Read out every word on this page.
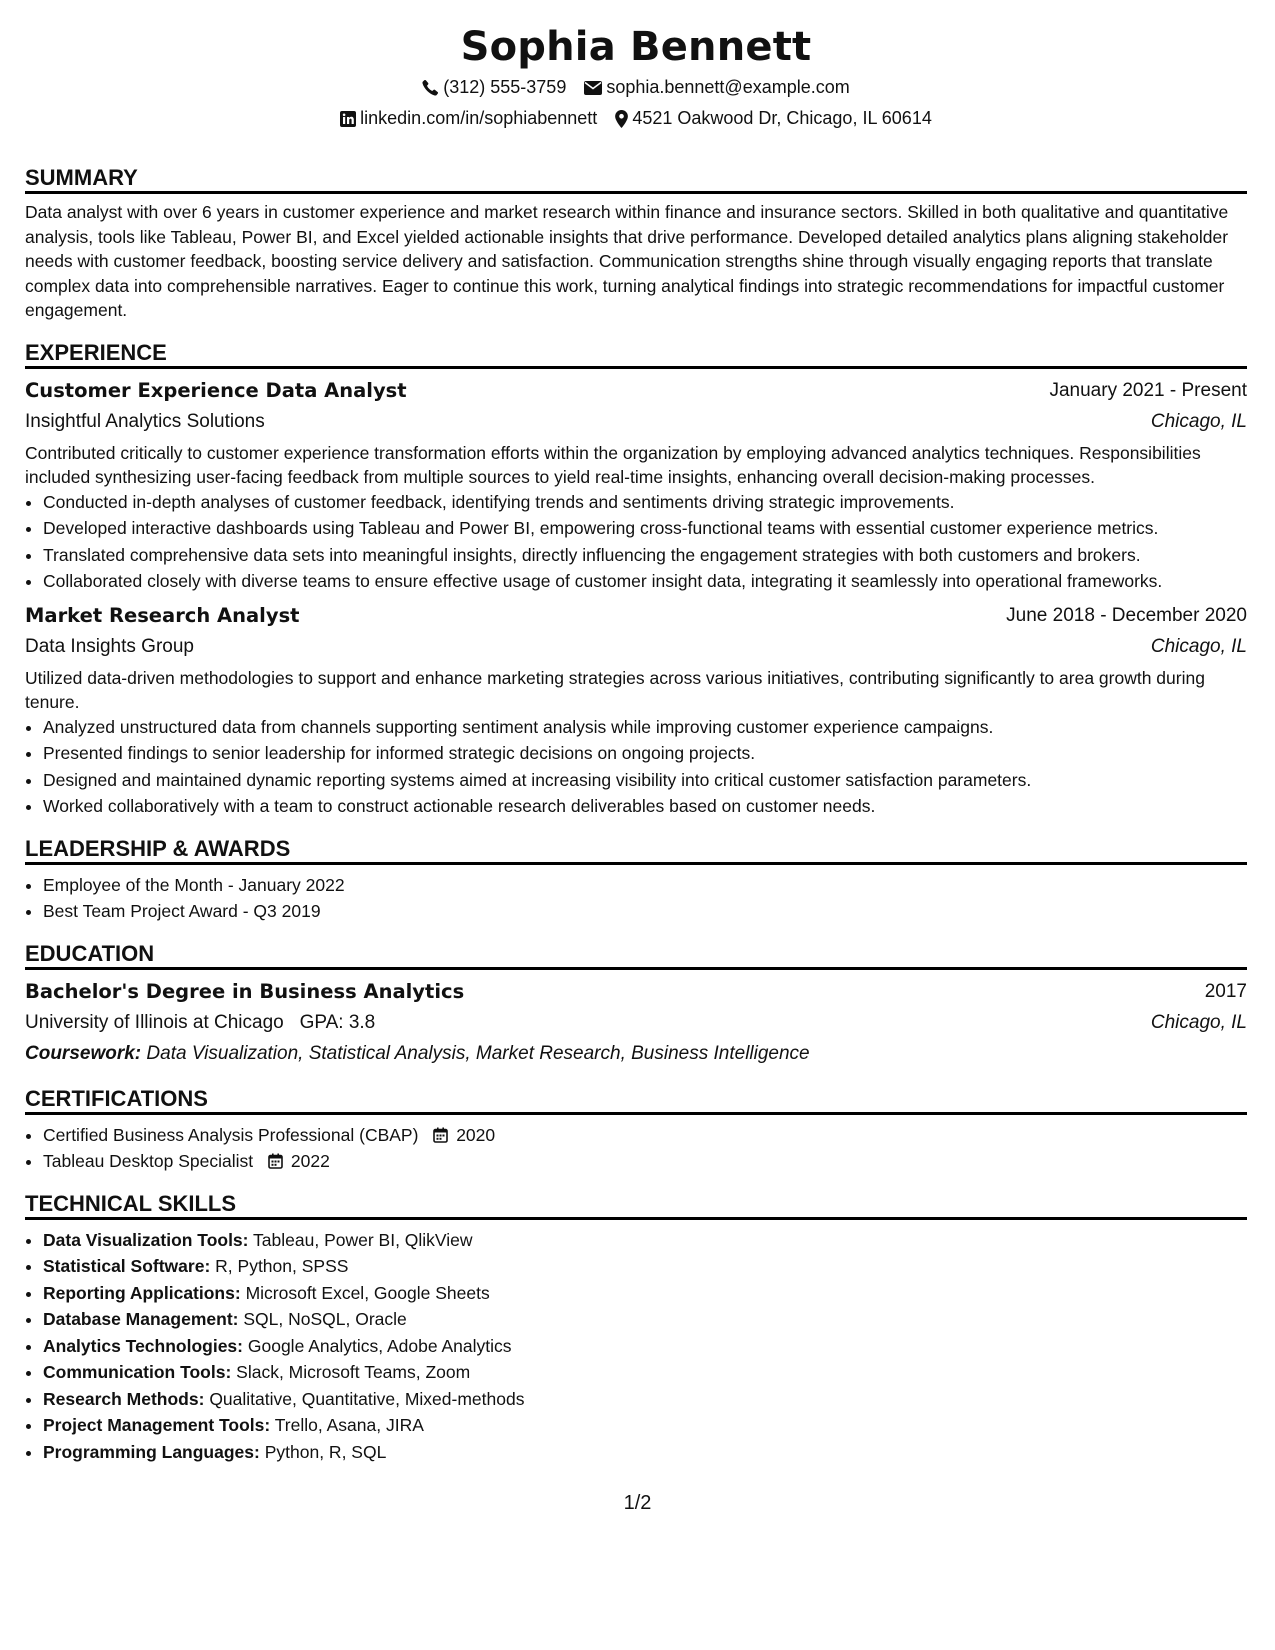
Sophia Bennett
(312) 555-3759 sophia.bennett@example.com
linkedin.com/in/sophiabennett 4521 Oakwood Dr, Chicago, IL 60614
SUMMARY
Data analyst with over 6 years in customer experience and market research within finance and insurance sectors. Skilled in both qualitative and quantitative analysis, tools like Tableau, Power BI, and Excel yielded actionable insights that drive performance. Developed detailed analytics plans aligning stakeholder needs with customer feedback, boosting service delivery and satisfaction. Communication strengths shine through visually engaging reports that translate complex data into comprehensible narratives. Eager to continue this work, turning analytical findings into strategic recommendations for impactful customer engagement.
EXPERIENCE
Customer Experience Data Analyst	January 2021 - Present
Insightful Analytics Solutions	Chicago, IL
Contributed critically to customer experience transformation efforts within the organization by employing advanced analytics techniques. Responsibilities included synthesizing user-facing feedback from multiple sources to yield real-time insights, enhancing overall decision-making processes.
• Conducted in-depth analyses of customer feedback, identifying trends and sentiments driving strategic improvements.
• Developed interactive dashboards using Tableau and Power BI, empowering cross-functional teams with essential customer experience metrics.
• Translated comprehensive data sets into meaningful insights, directly influencing the engagement strategies with both customers and brokers.
• Collaborated closely with diverse teams to ensure effective usage of customer insight data, integrating it seamlessly into operational frameworks.
Market Research Analyst	June 2018 - December 2020
Data Insights Group	Chicago, IL
Utilized data-driven methodologies to support and enhance marketing strategies across various initiatives, contributing significantly to area growth during tenure.
• Analyzed unstructured data from channels supporting sentiment analysis while improving customer experience campaigns.
• Presented findings to senior leadership for informed strategic decisions on ongoing projects.
• Designed and maintained dynamic reporting systems aimed at increasing visibility into critical customer satisfaction parameters.
• Worked collaboratively with a team to construct actionable research deliverables based on customer needs.
LEADERSHIP & AWARDS
• Employee of the Month - January 2022
• Best Team Project Award - Q3 2019
EDUCATION
Bachelor's Degree in Business Analytics	2017
University of Illinois at Chicago GPA: 3.8	Chicago, IL
Coursework: Data Visualization, Statistical Analysis, Market Research, Business Intelligence
CERTIFICATIONS
• Certified Business Analysis Professional (CBAP) 2020
• Tableau Desktop Specialist 2022
TECHNICAL SKILLS
• Data Visualization Tools: Tableau, Power BI, QlikView
• Statistical Software: R, Python, SPSS
• Reporting Applications: Microsoft Excel, Google Sheets
• Database Management: SQL, NoSQL, Oracle
• Analytics Technologies: Google Analytics, Adobe Analytics
• Communication Tools: Slack, Microsoft Teams, Zoom
• Research Methods: Qualitative, Quantitative, Mixed-methods
• Project Management Tools: Trello, Asana, JIRA
• Programming Languages: Python, R, SQL
1/2
